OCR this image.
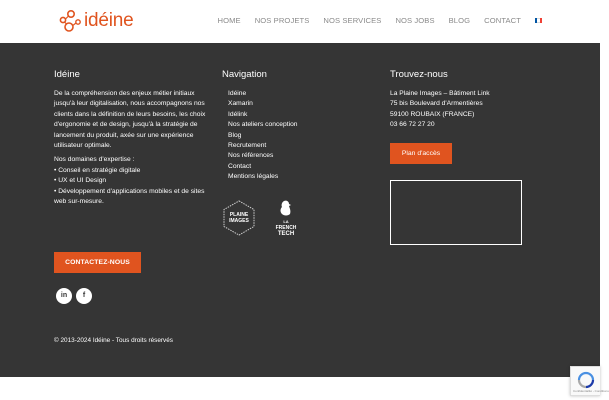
idéine	HOME NOS PROJETS NOS SERVICES NOS JOBS BLOG CONTACT
Idéine

De la compréhension des enjeux métier initiaux jusqu'à leur digitalisation, nous accompagnons nos clients dans la définition de leurs besoins, les choix d'ergonomie et de design, jusqu'à la stratégie de lancement du produit, axée sur une expérience utilisateur optimale.

Nos domaines d'expertise :

• Conseil en stratégie digitale

• UX et UI Design

• Développement d'applications mobiles et de sites web sur-mesure.

CONTACTEZ-NOUS
in	f
Navigation
Idéine
Xamarin
Idélink
Nos ateliers conception
Blog
Recrutement
Nos références
Contact
Mentions légales
PLAINE
IMAGES	LA
FRENCH
TECH
Trouvez-nous

La Plaine Images – Bâtiment Link

75 bis Boulevard d'Armentières

59100 ROUBAIX (FRANCE)

03 66 72 27 20

Plan d'accès
© 2013-2024 Idéine - Tous droits réservés
Confidentialité - Conditions
